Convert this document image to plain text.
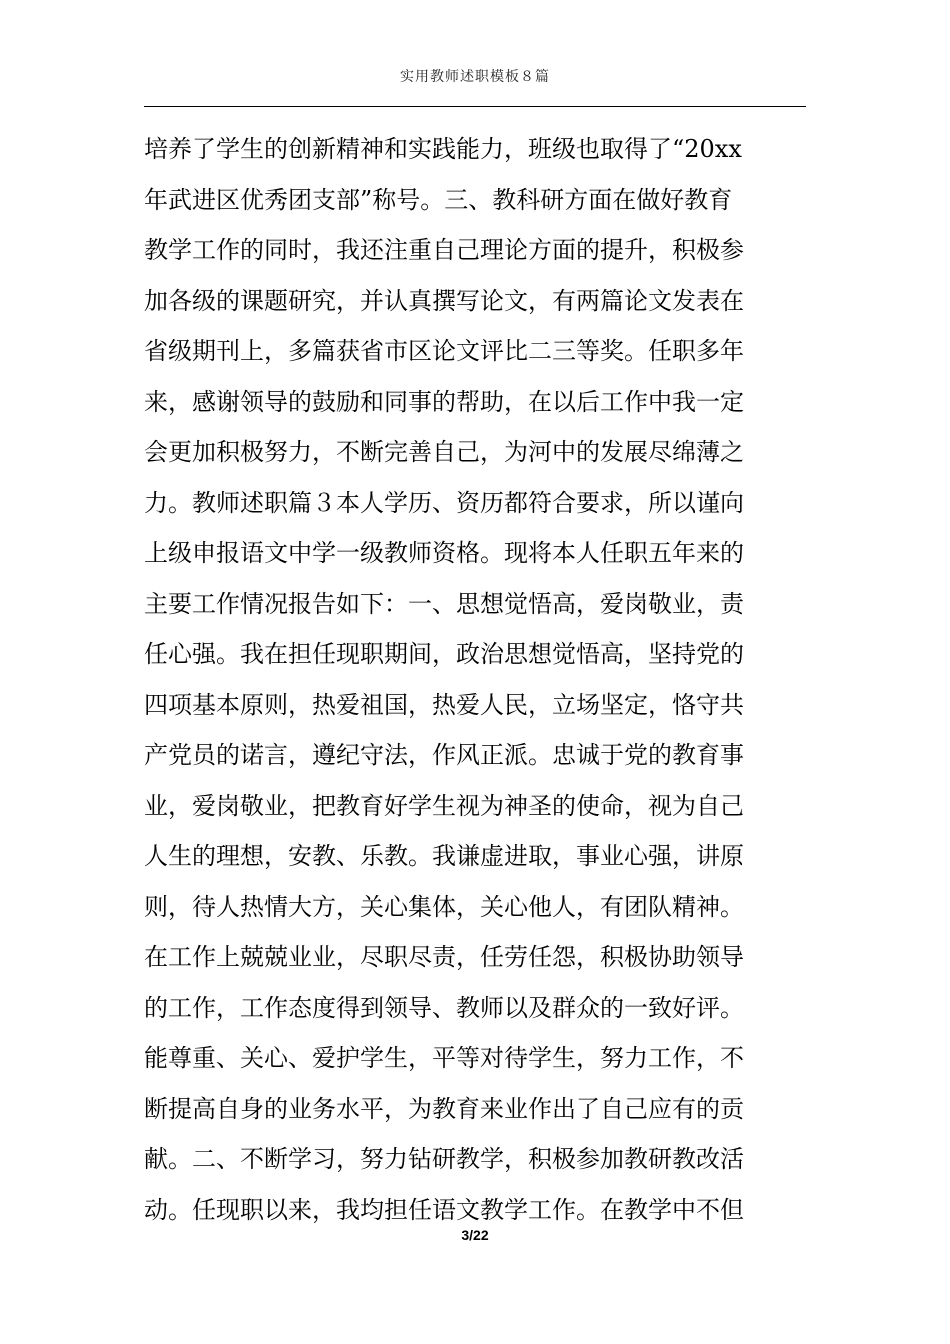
实用教师述职模板８篇
培养了学生的创新精神和实践能力，班级也取得了“20xx
年武进区优秀团支部”称号。三、教科研方面在做好教育
教学工作的同时，我还注重自己理论方面的提升，积极参
加各级的课题研究，并认真撰写论文，有两篇论文发表在
省级期刊上，多篇获省市区论文评比二三等奖。任职多年
来，感谢领导的鼓励和同事的帮助，在以后工作中我一定
会更加积极努力，不断完善自己，为河中的发展尽绵薄之
力。教师述职篇３本人学历、资历都符合要求，所以谨向
上级申报语文中学一级教师资格。现将本人任职五年来的
主要工作情况报告如下：一、思想觉悟高，爱岗敬业，责
任心强。我在担任现职期间，政治思想觉悟高，坚持党的
四项基本原则，热爱祖国，热爱人民，立场坚定，恪守共
产党员的诺言，遵纪守法，作风正派。忠诚于党的教育事
业，爱岗敬业，把教育好学生视为神圣的使命，视为自己
人生的理想，安教、乐教。我谦虚进取，事业心强，讲原
则，待人热情大方，关心集体，关心他人，有团队精神。
在工作上兢兢业业，尽职尽责，任劳任怨，积极协助领导
的工作，工作态度得到领导、教师以及群众的一致好评。
能尊重、关心、爱护学生，平等对待学生，努力工作，不
断提高自身的业务水平，为教育来业作出了自己应有的贡
献。二、不断学习，努力钻研教学，积极参加教研教改活
动。任现职以来，我均担任语文教学工作。在教学中不但
3/22
